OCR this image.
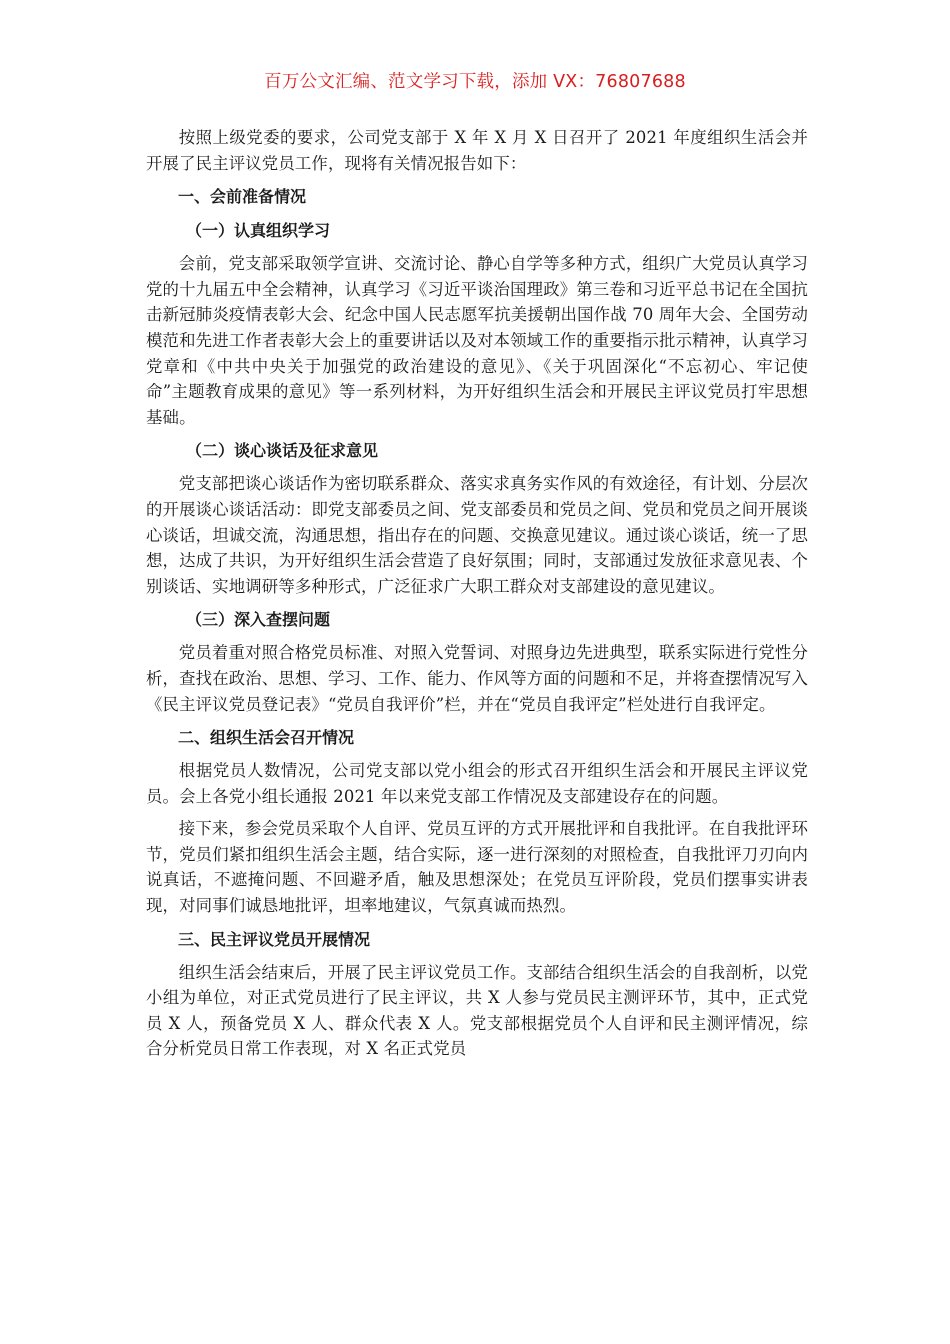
百万公文汇编、范文学习下载，添加 VX：76807688

按照上级党委的要求，公司党支部于 X 年 X 月 X 日召开了 2021 年度组织生活会并开展了民主评议党员工作，现将有关情况报告如下：

一、会前准备情况

（一）认真组织学习

会前，党支部采取领学宣讲、交流讨论、静心自学等多种方式，组织广大党员认真学习党的十九届五中全会精神，认真学习《习近平谈治国理政》第三卷和习近平总书记在全国抗击新冠肺炎疫情表彰大会、纪念中国人民志愿军抗美援朝出国作战 70 周年大会、全国劳动模范和先进工作者表彰大会上的重要讲话以及对本领域工作的重要指示批示精神，认真学习党章和《中共中央关于加强党的政治建设的意见》、《关于巩固深化“不忘初心、牢记使命”主题教育成果的意见》等一系列材料，为开好组织生活会和开展民主评议党员打牢思想基础。

（二）谈心谈话及征求意见

党支部把谈心谈话作为密切联系群众、落实求真务实作风的有效途径，有计划、分层次的开展谈心谈话活动：即党支部委员之间、党支部委员和党员之间、党员和党员之间开展谈心谈话，坦诚交流，沟通思想，指出存在的问题、交换意见建议。通过谈心谈话，统一了思想，达成了共识，为开好组织生活会营造了良好氛围；同时，支部通过发放征求意见表、个别谈话、实地调研等多种形式，广泛征求广大职工群众对支部建设的意见建议。

（三）深入查摆问题

党员着重对照合格党员标准、对照入党誓词、对照身边先进典型，联系实际进行党性分析，查找在政治、思想、学习、工作、能力、作风等方面的问题和不足，并将查摆情况写入《民主评议党员登记表》“党员自我评价”栏，并在“党员自我评定”栏处进行自我评定。

二、组织生活会召开情况

根据党员人数情况，公司党支部以党小组会的形式召开组织生活会和开展民主评议党员。会上各党小组长通报 2021 年以来党支部工作情况及支部建设存在的问题。

接下来，参会党员采取个人自评、党员互评的方式开展批评和自我批评。在自我批评环节，党员们紧扣组织生活会主题，结合实际，逐一进行深刻的对照检查，自我批评刀刃向内说真话，不遮掩问题、不回避矛盾，触及思想深处；在党员互评阶段，党员们摆事实讲表现，对同事们诚恳地批评，坦率地建议，气氛真诚而热烈。

三、民主评议党员开展情况

组织生活会结束后，开展了民主评议党员工作。支部结合组织生活会的自我剖析，以党小组为单位，对正式党员进行了民主评议，共 X 人参与党员民主测评环节，其中，正式党员 X 人，预备党员 X 人、群众代表 X 人。党支部根据党员个人自评和民主测评情况，综合分析党员日常工作表现，对 X 名正式党员
